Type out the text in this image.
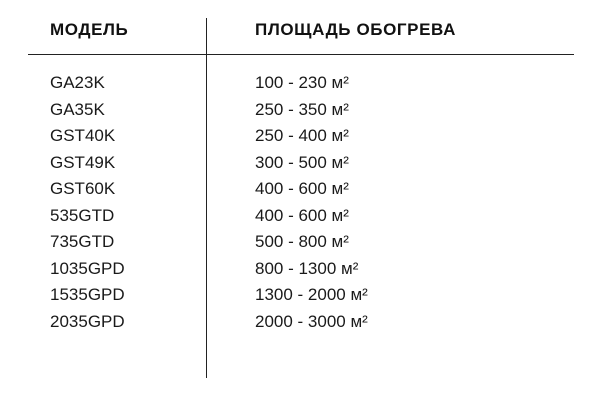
МОДЕЛЬ	ПЛОЩАДЬ ОБОГРЕВА
GA23K	100 - 230 м²
GA35K	250 - 350 м²
GST40K	250 - 400 м²
GST49K	300 - 500 м²
GST60K	400 - 600 м²
535GTD	400 - 600 м²
735GTD	500 - 800 м²
1035GPD	800 - 1300 м²
1535GPD	1300 - 2000 м²
2035GPD	2000 - 3000 м²
